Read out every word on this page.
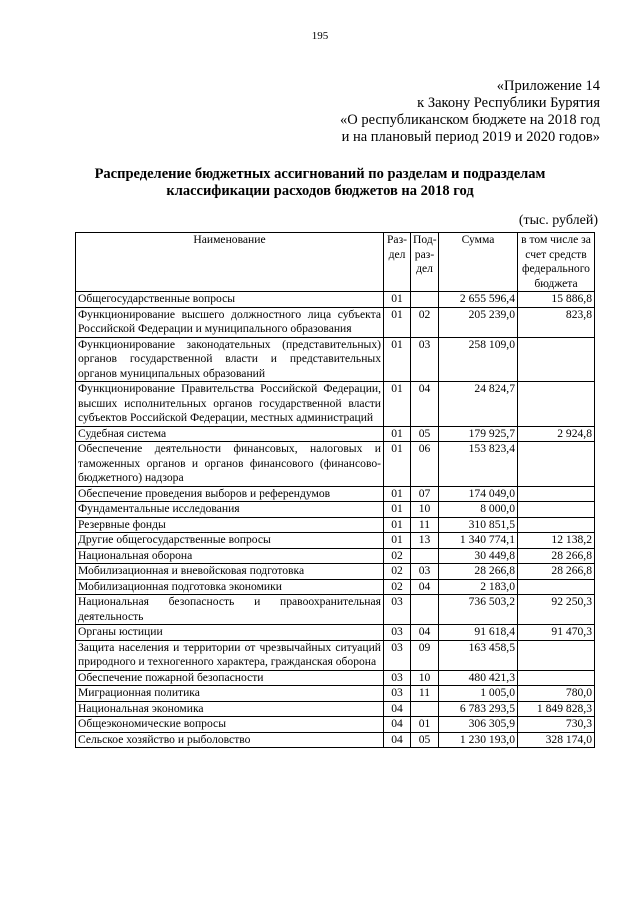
195
«Приложение 14
к Закону Республики Бурятия
«О республиканском бюджете на 2018 год
и на плановый период 2019 и 2020 годов»
Распределение бюджетных ассигнований по разделам и подразделам
классификации расходов бюджетов на 2018 год
(тыс. рублей)
Наименование	Раз-дел	Под-раз-дел	Сумма	в том числе за счет средств федерального бюджета
Общегосударственные вопросы	01		2 655 596,4	15 886,8
Функционирование высшего должностного лица субъекта Российской Федерации и муниципального образования	01	02	205 239,0	823,8
Функционирование законодательных (представительных) органов государственной власти и представительных органов муниципальных образований	01	03	258 109,0	
Функционирование Правительства Российской Федерации, высших исполнительных органов государственной власти субъектов Российской Федерации, местных администраций	01	04	24 824,7	
Судебная система	01	05	179 925,7	2 924,8
Обеспечение деятельности финансовых, налоговых и таможенных органов и органов финансового (финансово-бюджетного) надзора	01	06	153 823,4	
Обеспечение проведения выборов и референдумов	01	07	174 049,0	
Фундаментальные исследования	01	10	8 000,0	
Резервные фонды	01	11	310 851,5	
Другие общегосударственные вопросы	01	13	1 340 774,1	12 138,2
Национальная оборона	02		30 449,8	28 266,8
Мобилизационная и вневойсковая подготовка	02	03	28 266,8	28 266,8
Мобилизационная подготовка экономики	02	04	2 183,0	
Национальная безопасность и правоохранительная деятельность	03		736 503,2	92 250,3
Органы юстиции	03	04	91 618,4	91 470,3
Защита населения и территории от чрезвычайных ситуаций природного и техногенного характера, гражданская оборона	03	09	163 458,5	
Обеспечение пожарной безопасности	03	10	480 421,3	
Миграционная политика	03	11	1 005,0	780,0
Национальная экономика	04		6 783 293,5	1 849 828,3
Общеэкономические вопросы	04	01	306 305,9	730,3
Сельское хозяйство и рыболовство	04	05	1 230 193,0	328 174,0
